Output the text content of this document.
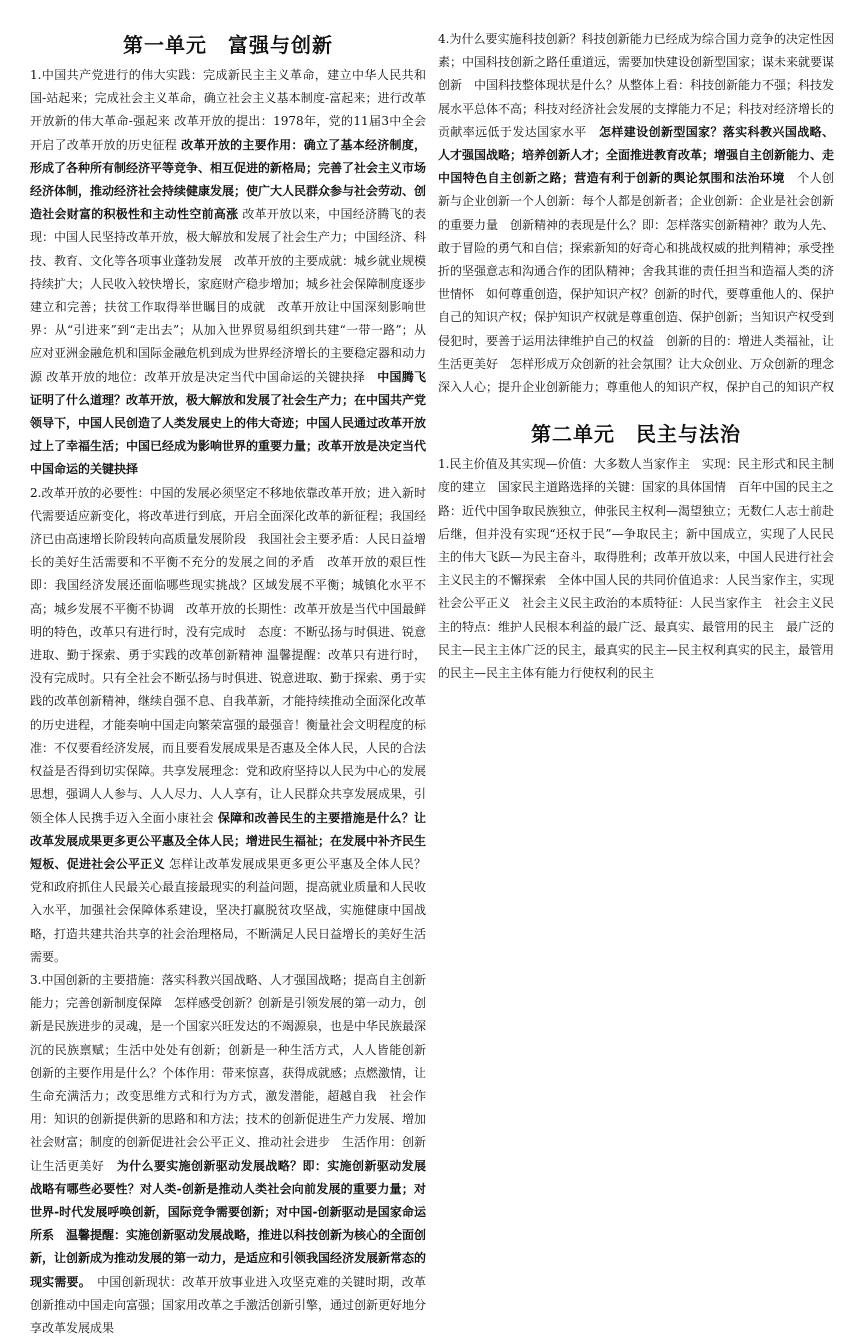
第一单元　富强与创新

1.中国共产党进行的伟大实践：完成新民主主义革命，建立中华人民共和国-站起来；完成社会主义革命，确立社会主义基本制度-富起来；进行改革开放新的伟大革命-强起来 改革开放的提出：1978年，党的11届3中全会开启了改革开放的历史征程 改革开放的主要作用：确立了基本经济制度，形成了各种所有制经济平等竞争、相互促进的新格局；完善了社会主义市场经济体制，推动经济社会持续健康发展；使广大人民群众参与社会劳动、创造社会财富的积极性和主动性空前高涨 改革开放以来，中国经济腾飞的表现：中国人民坚持改革开放，极大解放和发展了社会生产力；中国经济、科技、教育、文化等各项事业蓬勃发展　改革开放的主要成就：城乡就业规模持续扩大；人民收入较快增长，家庭财产稳步增加；城乡社会保障制度逐步建立和完善；扶贫工作取得举世瞩目的成就　改革开放让中国深刻影响世界：从“引进来”到“走出去”；从加入世界贸易组织到共建“一带一路”；从应对亚洲金融危机和国际金融危机到成为世界经济增长的主要稳定器和动力源 改革开放的地位：改革开放是决定当代中国命运的关键抉择　中国腾飞证明了什么道理？改革开放，极大解放和发展了社会生产力；在中国共产党领导下，中国人民创造了人类发展史上的伟大奇迹；中国人民通过改革开放过上了幸福生活；中国已经成为影响世界的重要力量；改革开放是决定当代中国命运的关键抉择

2.改革开放的必要性：中国的发展必须坚定不移地依靠改革开放；进入新时代需要适应新变化，将改革进行到底，开启全面深化改革的新征程；我国经济已由高速增长阶段转向高质量发展阶段　我国社会主要矛盾：人民日益增长的美好生活需要和不平衡不充分的发展之间的矛盾　改革开放的艰巨性 即：我国经济发展还面临哪些现实挑战？区域发展不平衡；城镇化水平不高；城乡发展不平衡不协调　改革开放的长期性：改革开放是当代中国最鲜明的特色，改革只有进行时，没有完成时　态度：不断弘扬与时俱进、锐意进取、勤于探索、勇于实践的改革创新精神 温馨提醒：改革只有进行时，没有完成时。只有全社会不断弘扬与时俱进、锐意进取、勤于探索、勇于实践的改革创新精神，继续自强不息、自我革新，才能持续推动全面深化改革的历史进程，才能奏响中国走向繁荣富强的最强音！衡量社会文明程度的标准：不仅要看经济发展，而且要看发展成果是否惠及全体人民，人民的合法权益是否得到切实保障。共享发展理念：党和政府坚持以人民为中心的发展思想，强调人人参与、人人尽力、人人享有，让人民群众共享发展成果，引领全体人民携手迈入全面小康社会 保障和改善民生的主要措施是什么？让改革发展成果更多更公平惠及全体人民；增进民生福祉；在发展中补齐民生短板、促进社会公平正义 怎样让改革发展成果更多更公平惠及全体人民？党和政府抓住人民最关心最直接最现实的利益问题，提高就业质量和人民收入水平，加强社会保障体系建设，坚决打赢脱贫攻坚战，实施健康中国战略，打造共建共治共享的社会治理格局，不断满足人民日益增长的美好生活需要。

3.中国创新的主要措施：落实科教兴国战略、人才强国战略；提高自主创新能力；完善创新制度保障　怎样感受创新？创新是引领发展的第一动力，创新是民族进步的灵魂，是一个国家兴旺发达的不竭源泉，也是中华民族最深沉的民族禀赋；生活中处处有创新；创新是一种生活方式，人人皆能创新　创新的主要作用是什么？个体作用：带来惊喜，获得成就感；点燃激情，让生命充满活力；改变思维方式和行为方式，激发潜能，超越自我　社会作用：知识的创新提供新的思路和和方法；技术的创新促进生产力发展、增加社会财富；制度的创新促进社会公平正义、推动社会进步　生活作用：创新让生活更美好　为什么要实施创新驱动发展战略？即：实施创新驱动发展战略有哪些必要性？对人类-创新是推动人类社会向前发展的重要力量；对世界-时代发展呼唤创新，国际竞争需要创新；对中国-创新驱动是国家命运所系　温馨提醒：实施创新驱动发展战略，推进以科技创新为核心的全面创新，让创新成为推动发展的第一动力，是适应和引领我国经济发展新常态的现实需要。　中国创新现状：改革开放事业进入攻坚克难的关键时期，改革创新推动中国走向富强；国家用改革之手激活创新引擎，通过创新更好地分享改革发展成果

4.为什么要实施科技创新？科技创新能力已经成为综合国力竞争的决定性因素；中国科技创新之路任重道远，需要加快建设创新型国家；谋未来就要谋创新　中国科技整体现状是什么？从整体上看：科技创新能力不强；科技发展水平总体不高；科技对经济社会发展的支撑能力不足；科技对经济增长的贡献率远低于发达国家水平　怎样建设创新型国家？落实科教兴国战略、人才强国战略；培养创新人才；全面推进教育改革；增强自主创新能力、走中国特色自主创新之路；营造有利于创新的舆论氛围和法治环境　个人创新与企业创新一个人创新：每个人都是创新者；企业创新：企业是社会创新的重要力量　创新精神的表现是什么？即：怎样落实创新精神？敢为人先、敢于冒险的勇气和自信；探索新知的好奇心和挑战权威的批判精神；承受挫折的坚强意志和沟通合作的团队精神；舍我其谁的责任担当和造福人类的济世情怀　如何尊重创造，保护知识产权？创新的时代，要尊重他人的、保护自己的知识产权；保护知识产权就是尊重创造、保护创新；当知识产权受到侵犯时，要善于运用法律维护自己的权益　创新的目的：增进人类福祉，让生活更美好　怎样形成万众创新的社会氛围？让大众创业、万众创新的理念深入人心；提升企业创新能力；尊重他人的知识产权，保护自己的知识产权

第二单元　民主与法治

1.民主价值及其实现—价值：大多数人当家作主　实现：民主形式和民主制度的建立　国家民主道路选择的关键：国家的具体国情　百年中国的民主之路：近代中国争取民族独立，伸张民主权利—渴望独立；无数仁人志士前赴后继，但并没有实现“还权于民”—争取民主；新中国成立，实现了人民民主的伟大飞跃—为民主奋斗，取得胜利；改革开放以来，中国人民进行社会主义民主的不懈探索　全体中国人民的共同价值追求：人民当家作主，实现社会公平正义　社会主义民主政治的本质特征：人民当家作主　社会主义民主的特点：维护人民根本利益的最广泛、最真实、最管用的民主　最广泛的民主—民主主体广泛的民主，最真实的民主—民主权利真实的民主，最管用的民主—民主主体有能力行使权利的民主
